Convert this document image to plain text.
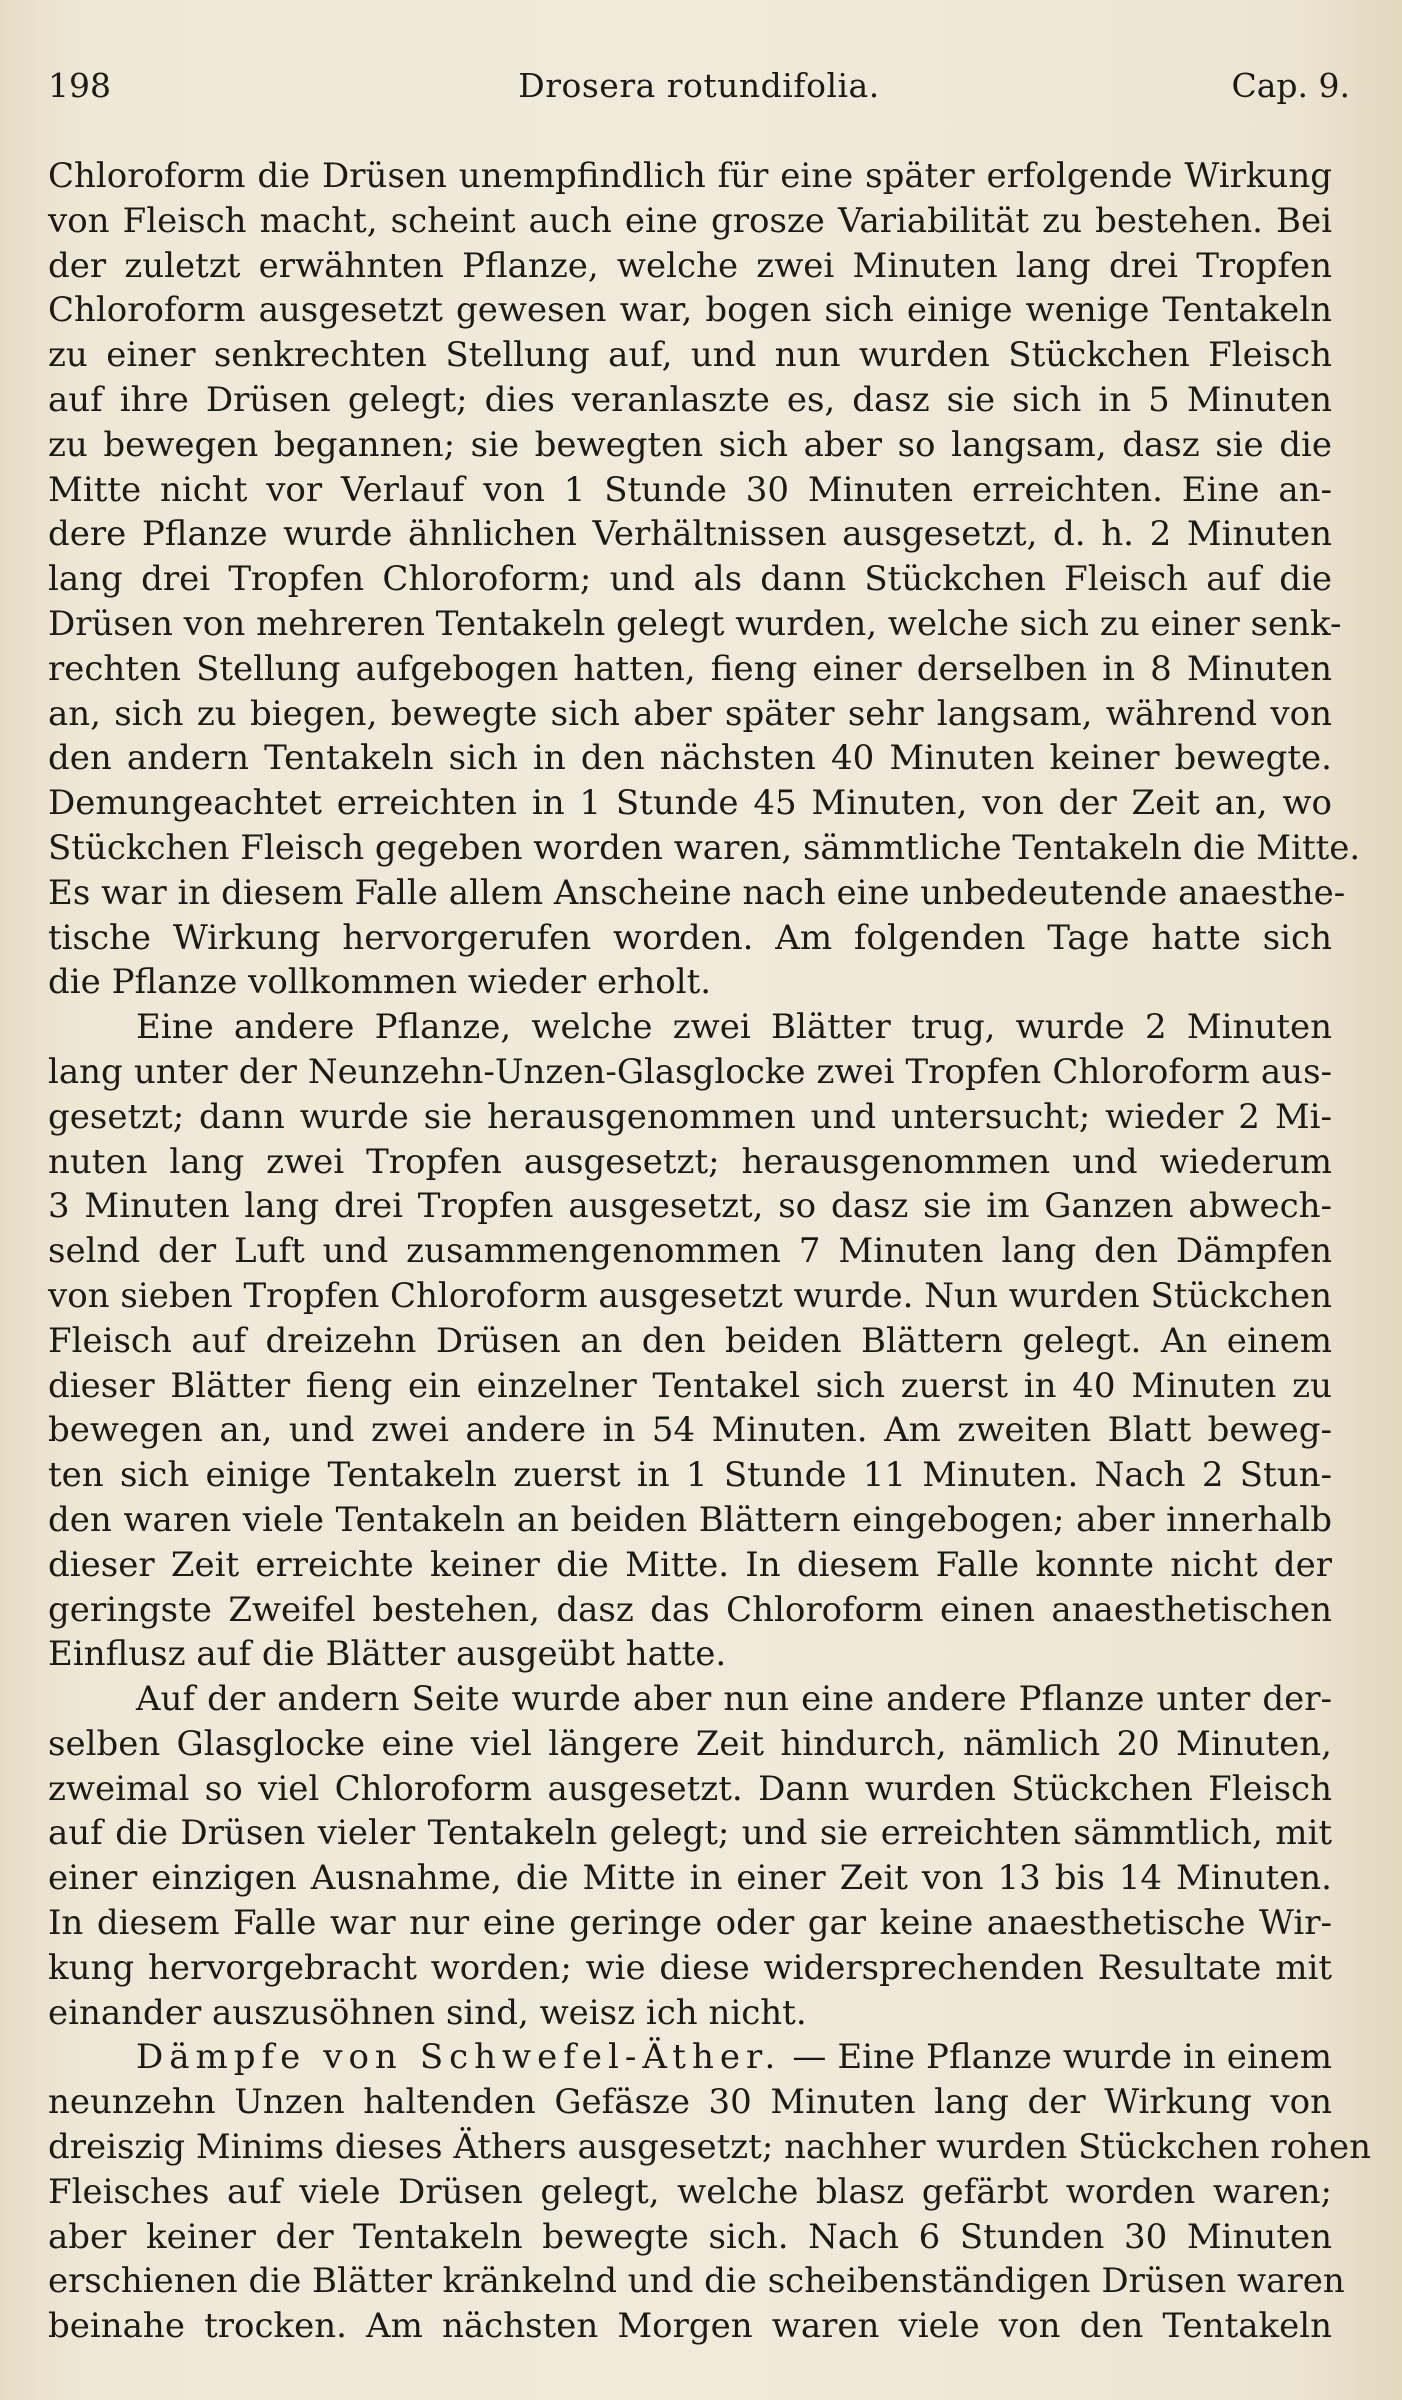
198	Drosera rotundifolia.	Cap. 9.
Chloroform die Drüsen unempfindlich für eine später erfolgende Wirkung
von Fleisch macht, scheint auch eine grosze Variabilität zu bestehen. Bei
der zuletzt erwähnten Pflanze, welche zwei Minuten lang drei Tropfen
Chloroform ausgesetzt gewesen war, bogen sich einige wenige Tentakeln
zu einer senkrechten Stellung auf, und nun wurden Stückchen Fleisch
auf ihre Drüsen gelegt; dies veranlaszte es, dasz sie sich in 5 Minuten
zu bewegen begannen; sie bewegten sich aber so langsam, dasz sie die
Mitte nicht vor Verlauf von 1 Stunde 30 Minuten erreichten. Eine an-
dere Pflanze wurde ähnlichen Verhältnissen ausgesetzt, d. h. 2 Minuten
lang drei Tropfen Chloroform; und als dann Stückchen Fleisch auf die
Drüsen von mehreren Tentakeln gelegt wurden, welche sich zu einer senk-
rechten Stellung aufgebogen hatten, fieng einer derselben in 8 Minuten
an, sich zu biegen, bewegte sich aber später sehr langsam, während von
den andern Tentakeln sich in den nächsten 40 Minuten keiner bewegte.
Demungeachtet erreichten in 1 Stunde 45 Minuten, von der Zeit an, wo
Stückchen Fleisch gegeben worden waren, sämmtliche Tentakeln die Mitte.
Es war in diesem Falle allem Anscheine nach eine unbedeutende anaesthe-
tische Wirkung hervorgerufen worden. Am folgenden Tage hatte sich
die Pflanze vollkommen wieder erholt.
Eine andere Pflanze, welche zwei Blätter trug, wurde 2 Minuten
lang unter der Neunzehn-Unzen-Glasglocke zwei Tropfen Chloroform aus-
gesetzt; dann wurde sie herausgenommen und untersucht; wieder 2 Mi-
nuten lang zwei Tropfen ausgesetzt; herausgenommen und wiederum
3 Minuten lang drei Tropfen ausgesetzt, so dasz sie im Ganzen abwech-
selnd der Luft und zusammengenommen 7 Minuten lang den Dämpfen
von sieben Tropfen Chloroform ausgesetzt wurde. Nun wurden Stückchen
Fleisch auf dreizehn Drüsen an den beiden Blättern gelegt. An einem
dieser Blätter fieng ein einzelner Tentakel sich zuerst in 40 Minuten zu
bewegen an, und zwei andere in 54 Minuten. Am zweiten Blatt beweg-
ten sich einige Tentakeln zuerst in 1 Stunde 11 Minuten. Nach 2 Stun-
den waren viele Tentakeln an beiden Blättern eingebogen; aber innerhalb
dieser Zeit erreichte keiner die Mitte. In diesem Falle konnte nicht der
geringste Zweifel bestehen, dasz das Chloroform einen anaesthetischen
Einflusz auf die Blätter ausgeübt hatte.
Auf der andern Seite wurde aber nun eine andere Pflanze unter der-
selben Glasglocke eine viel längere Zeit hindurch, nämlich 20 Minuten,
zweimal so viel Chloroform ausgesetzt. Dann wurden Stückchen Fleisch
auf die Drüsen vieler Tentakeln gelegt; und sie erreichten sämmtlich, mit
einer einzigen Ausnahme, die Mitte in einer Zeit von 13 bis 14 Minuten.
In diesem Falle war nur eine geringe oder gar keine anaesthetische Wir-
kung hervorgebracht worden; wie diese widersprechenden Resultate mit
einander auszusöhnen sind, weisz ich nicht.
Dämpfe von Schwefel-Äther. — Eine Pflanze wurde in einem
neunzehn Unzen haltenden Gefäsze 30 Minuten lang der Wirkung von
dreiszig Minims dieses Äthers ausgesetzt; nachher wurden Stückchen rohen
Fleisches auf viele Drüsen gelegt, welche blasz gefärbt worden waren;
aber keiner der Tentakeln bewegte sich. Nach 6 Stunden 30 Minuten
erschienen die Blätter kränkelnd und die scheibenständigen Drüsen waren
beinahe trocken. Am nächsten Morgen waren viele von den Tentakeln
